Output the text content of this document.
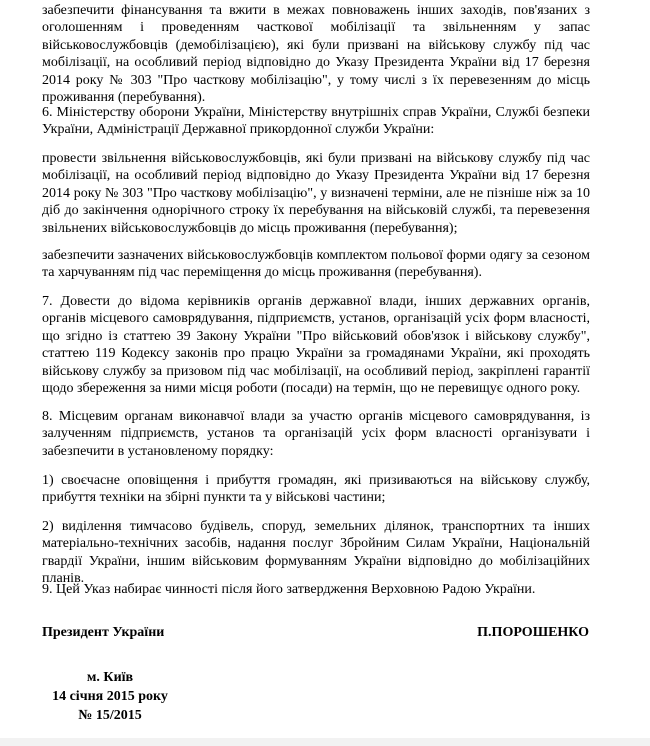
забезпечити фінансування та вжити в межах повноважень інших заходів, пов'язаних з оголошенням і проведенням часткової мобілізації та звільненням у запас військовослужбовців (демобілізацією), які були призвані на військову службу під час мобілізації, на особливий період відповідно до Указу Президента України від 17 березня 2014 року № 303 "Про часткову мобілізацію", у тому числі з їх перевезенням до місць проживання (перебування).
6. Міністерству оборони України, Міністерству внутрішніх справ України, Службі безпеки України, Адміністрації Державної прикордонної служби України:
провести звільнення військовослужбовців, які були призвані на військову службу під час мобілізації, на особливий період відповідно до Указу Президента України від 17 березня 2014 року № 303 "Про часткову мобілізацію", у визначені терміни, але не пізніше ніж за 10 діб до закінчення однорічного строку їх перебування на військовій службі, та перевезення звільнених військовослужбовців до місць проживання (перебування);
забезпечити зазначених військовослужбовців комплектом польової форми одягу за сезоном та харчуванням під час переміщення до місць проживання (перебування).
7. Довести до відома керівників органів державної влади, інших державних органів, органів місцевого самоврядування, підприємств, установ, організацій усіх форм власності, що згідно із статтею 39 Закону України "Про військовий обов'язок і військову службу", статтею 119 Кодексу законів про працю України за громадянами України, які проходять військову службу за призовом під час мобілізації, на особливий період, закріплені гарантії щодо збереження за ними місця роботи (посади) на термін, що не перевищує одного року.
8. Місцевим органам виконавчої влади за участю органів місцевого самоврядування, із залученням підприємств, установ та організацій усіх форм власності організувати і забезпечити в установленому порядку:
1) своєчасне оповіщення і прибуття громадян, які призиваються на військову службу, прибуття техніки на збірні пункти та у військові частини;
2) виділення тимчасово будівель, споруд, земельних ділянок, транспортних та інших матеріально-технічних засобів, надання послуг Збройним Силам України, Національній гвардії України, іншим військовим формуванням України відповідно до мобілізаційних планів.
9. Цей Указ набирає чинності після його затвердження Верховною Радою України.
Президент України	П.ПОРОШЕНКО
м. Київ
14 січня 2015 року
№ 15/2015
